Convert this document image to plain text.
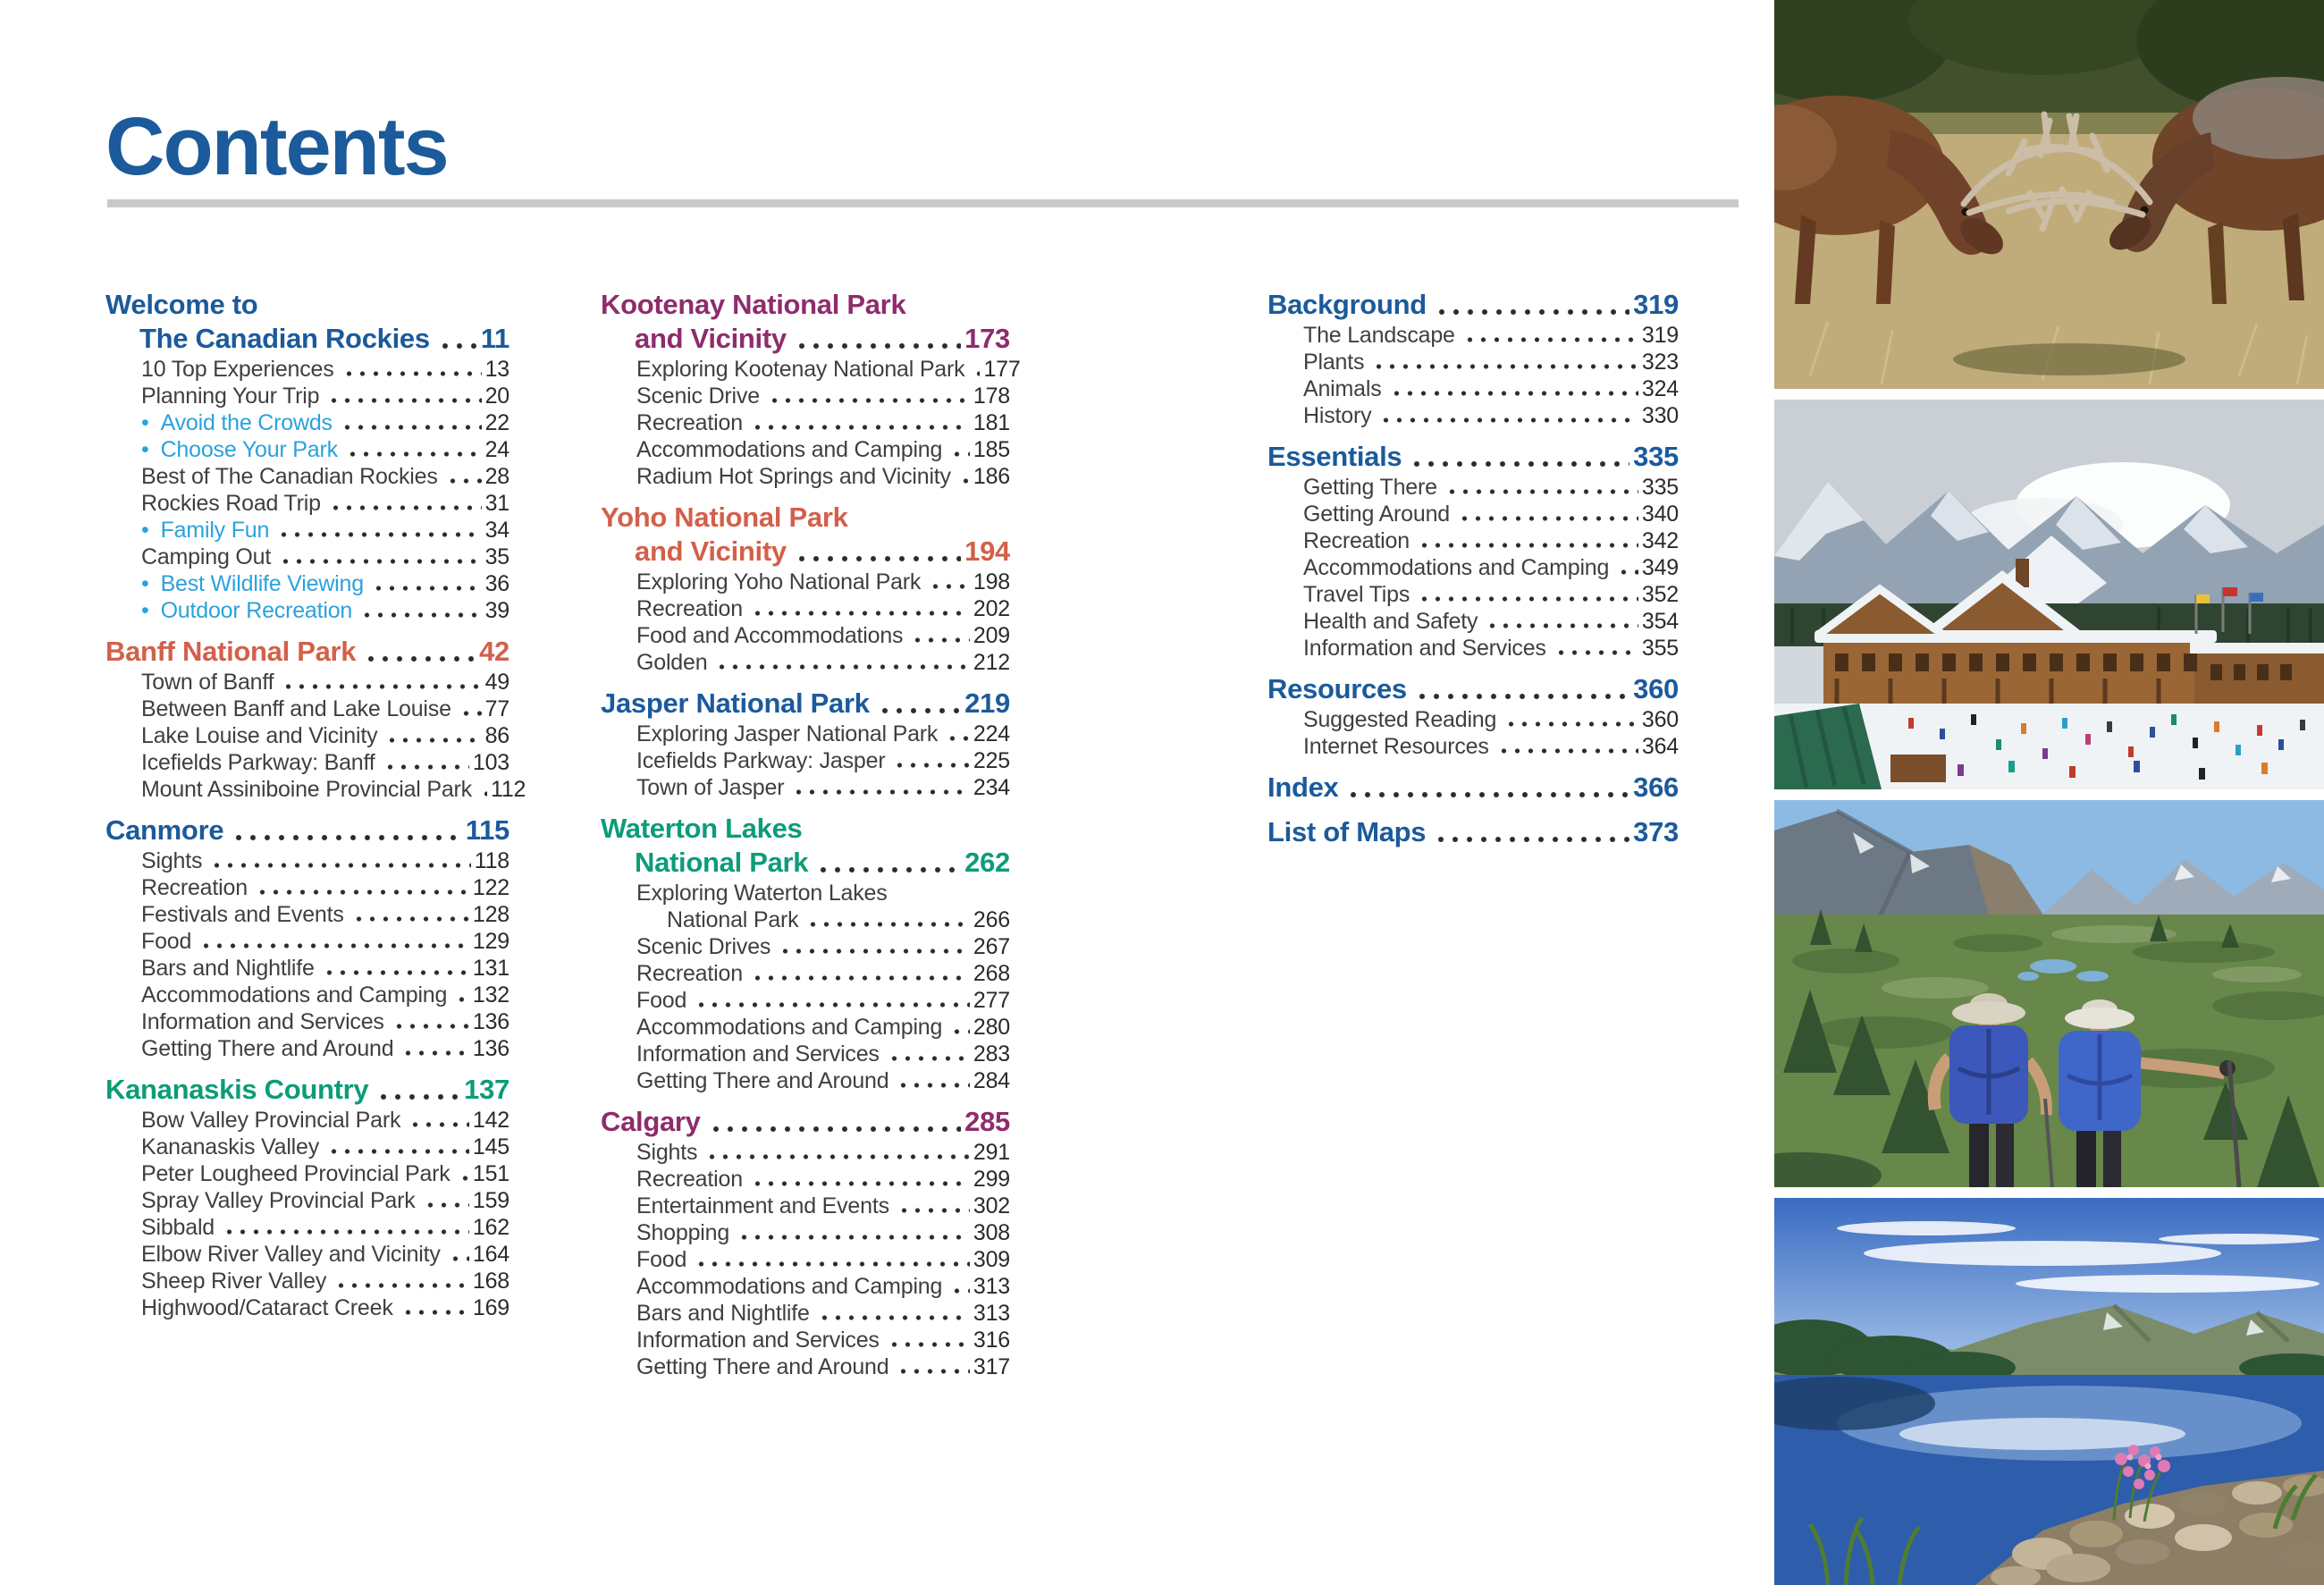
Contents
Welcome to
The Canadian Rockies 11
10 Top Experiences	13
Planning Your Trip	20
• Avoid the Crowds	22
• Choose Your Park	24
Best of The Canadian Rockies 28
Rockies Road Trip	31
• Family Fun	34
Camping Out	35
• Best Wildlife Viewing	36
• Outdoor Recreation	39
Banff National Park	42
Town of Banff	49
Between Banff and Lake Louise 77
Lake Louise and Vicinity	86
Icefields Parkway: Banff	103
Mount Assiniboine Provincial Park 112
Canmore	115
Sights	118
Recreation	122
Festivals and Events	128
Food	129
Bars and Nightlife	131
Accommodations and Camping 132
Information and Services	136
Getting There and Around	136
Kananaskis Country	137
Bow Valley Provincial Park	142
Kananaskis Valley	145
Peter Lougheed Provincial Park 151
Spray Valley Provincial Park	159
Sibbald	162
Elbow River Valley and Vicinity 164
Sheep River Valley	168
Highwood/Cataract Creek	169
Kootenay National Park
and Vicinity	173
Exploring Kootenay National Park 177
Scenic Drive	178
Recreation	181
Accommodations and Camping 185
Radium Hot Springs and Vicinity 186
Yoho National Park
and Vicinity	194
Exploring Yoho National Park 198
Recreation	202
Food and Accommodations	209
Golden	212
Jasper National Park	219
Exploring Jasper National Park 224
Icefields Parkway: Jasper	225
Town of Jasper	234
Waterton Lakes
National Park	262
Exploring Waterton Lakes
National Park	266
Scenic Drives	267
Recreation	268
Food	277
Accommodations and Camping 280
Information and Services	283
Getting There and Around	284
Calgary	285
Sights	291
Recreation	299
Entertainment and Events	302
Shopping	308
Food	309
Accommodations and Camping 313
Bars and Nightlife	313
Information and Services	316
Getting There and Around	317
Background	319
The Landscape	319
Plants	323
Animals	324
History	330
Essentials	335
Getting There	335
Getting Around	340
Recreation	342
Accommodations and Camping 349
Travel Tips	352
Health and Safety	354
Information and Services	355
Resources	360
Suggested Reading	360
Internet Resources	364
Index	366
List of Maps	373
